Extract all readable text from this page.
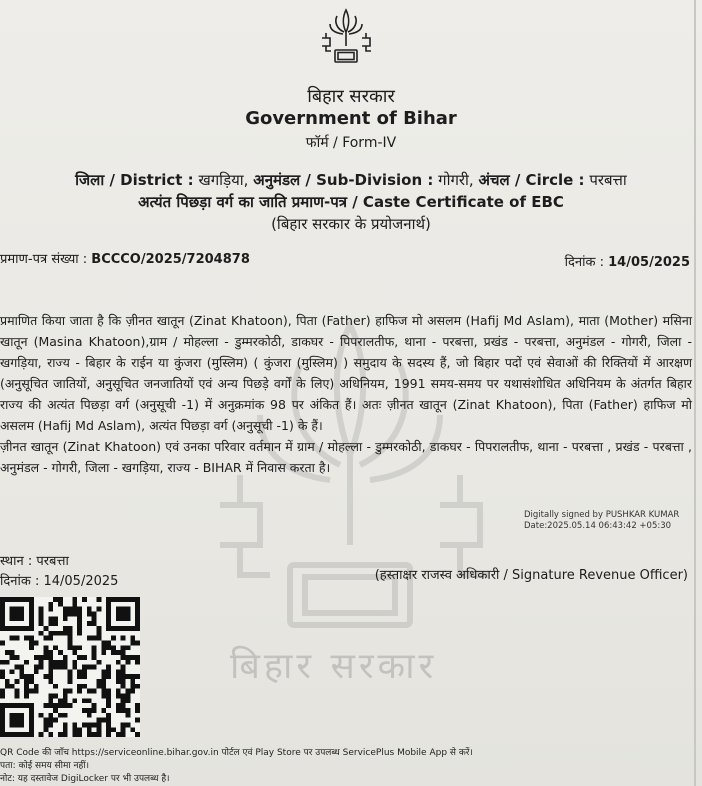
बिहार सरकार
बिहार सरकार
Government of Bihar
फॉर्म / Form-IV
जिला / District : खगड़िया, अनुमंडल / Sub-Division : गोगरी, अंचल / Circle : परबत्ता
अत्यंत पिछड़ा वर्ग का जाति प्रमाण-पत्र / Caste Certificate of EBC
(बिहार सरकार के प्रयोजनार्थ)
प्रमाण-पत्र संख्या : BCCCO/2025/7204878	दिनांक : 14/05/2025
प्रमाणित किया जाता है कि ज़ीनत खातून (Zinat Khatoon), पिता (Father) हाफिज मो असलम (Hafij Md Aslam), माता (Mother) मसिना खातून (Masina Khatoon),ग्राम / मोहल्ला - डुम्मरकोठी, डाकघर - पिपरालतीफ, थाना - परबत्ता, प्रखंड - परबत्ता, अनुमंडल - गोगरी, जिला - खगड़िया, राज्य - बिहार के राईन या कुंजरा (मुस्लिम) ( कुंजरा (मुस्लिम) ) समुदाय के सदस्य हैं, जो बिहार पदों एवं सेवाओं की रिक्तियों में आरक्षण (अनुसूचित जातियों, अनुसूचित जनजातियों एवं अन्य पिछड़े वर्गों के लिए) अधिनियम, 1991 समय-समय पर यथासंशोधित अधिनियम के अंतर्गत बिहार राज्य की अत्यंत पिछड़ा वर्ग (अनुसूची -1) में अनुक्रमांक 98 पर अंकित हैं। अतः ज़ीनत खातून (Zinat Khatoon), पिता (Father) हाफिज मो असलम (Hafij Md Aslam), अत्यंत पिछड़ा वर्ग (अनुसूची -1) के हैं।
ज़ीनत खातून (Zinat Khatoon) एवं उनका परिवार वर्तमान में ग्राम / मोहल्ला - डुम्मरकोठी, डाकघर - पिपरालतीफ, थाना - परबत्ता , प्रखंड - परबत्ता , अनुमंडल - गोगरी, जिला - खगड़िया, राज्य - BIHAR में निवास करता है।
Digitally signed by PUSHKAR KUMAR
Date:2025.05.14 06:43:42 +05:30
स्थान : परबत्ता
दिनांक : 14/05/2025	(हस्ताक्षर राजस्व अधिकारी / Signature Revenue Officer)
QR Code की जाँच https://serviceonline.bihar.gov.in पोर्टल एवं Play Store पर उपलब्ध ServicePlus Mobile App से करें।
पता: कोई समय सीमा नहीं।
नोट: यह दस्तावेज DigiLocker पर भी उपलब्ध है।
